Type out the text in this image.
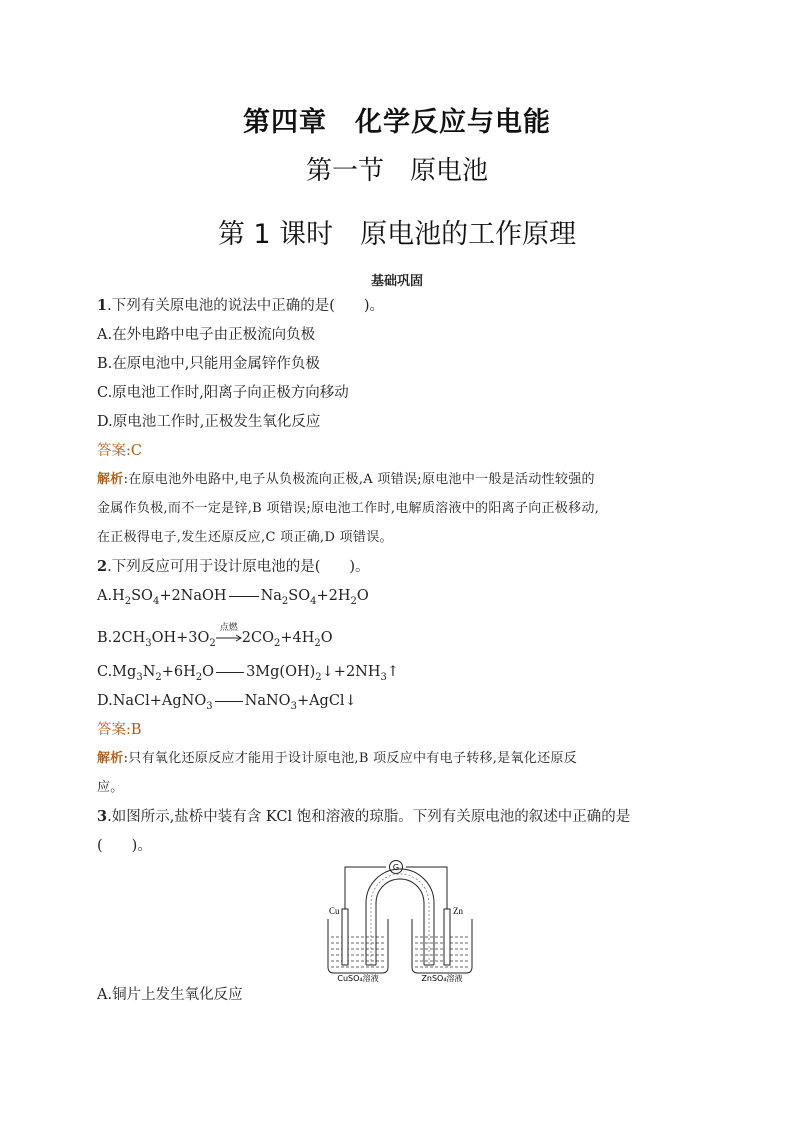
第四章　化学反应与电能
第一节　原电池
第 1 课时　原电池的工作原理
基础巩固
1.下列有关原电池的说法中正确的是(　　)。
A.在外电路中电子由正极流向负极
B.在原电池中,只能用金属锌作负极
C.原电池工作时,阳离子向正极方向移动
D.原电池工作时,正极发生氧化反应
答案:C
解析:在原电池外电路中,电子从负极流向正极,A 项错误;原电池中一般是活动性较强的
金属作负极,而不一定是锌,B 项错误;原电池工作时,电解质溶液中的阳离子向正极移动,
在正极得电子,发生还原反应,C 项正确,D 项错误。
2.下列反应可用于设计原电池的是(　　)。
$A.H_2SO_4+2NaOH$ $Na_2SO_4+2H_2O$
$B.2CH_3OH+3O_2$
点燃
$2CO_2+4H_2O$
$C.Mg_3N_2+6H_2O$ $3Mg(OH)_2↓+2NH_3↑$
D.NaCl+AgNO$_3$ NaNO$_3$+AgCl↓
答案:B
解析:只有氧化还原反应才能用于设计原电池,B 项反应中有电子转移,是氧化还原反
应。
3.如图所示,盐桥中装有含 KCl 饱和溶液的琼脂。下列有关原电池的叙述中正确的是
(　　)。
G
Cu	Zn
CuSO₄溶液	ZnSO₄溶液
A.铜片上发生氧化反应
